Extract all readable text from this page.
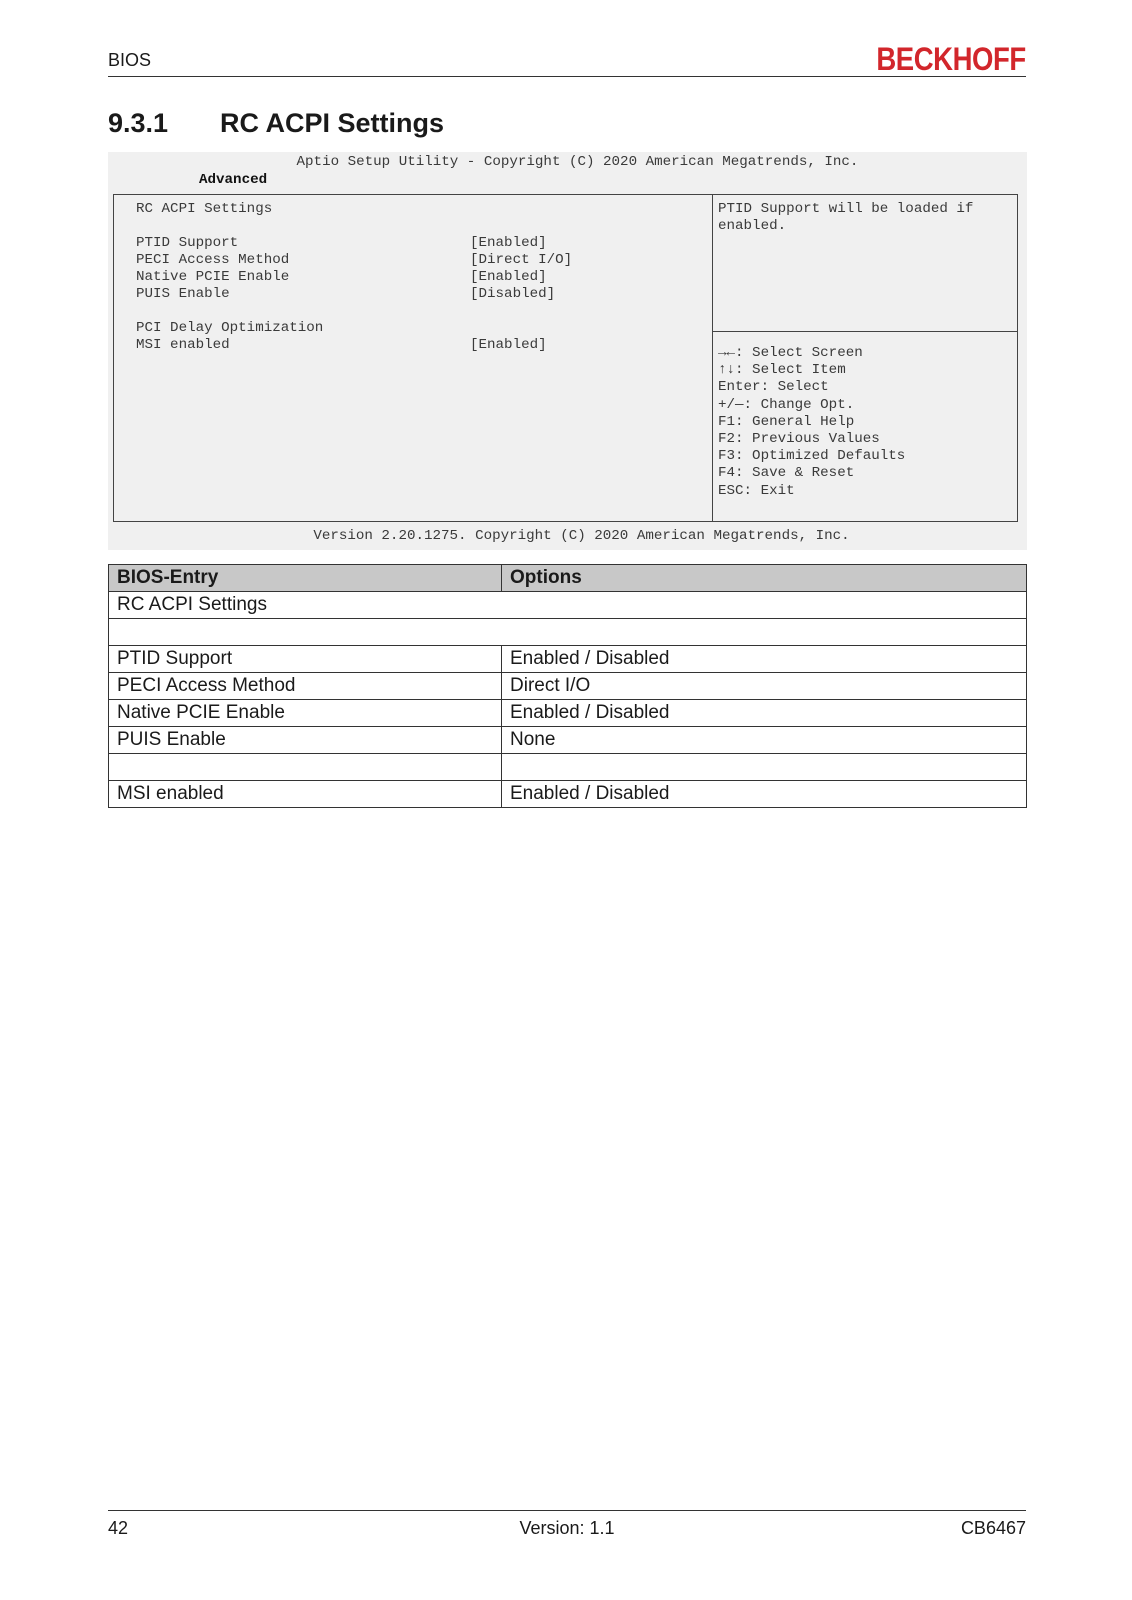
BIOS	BECKHOFF
9.3.1 RC ACPI Settings
Aptio Setup Utility - Copyright (C) 2020 American Megatrends, Inc.
Advanced
RC ACPI Settings
PTID Support	[Enabled]
PECI Access Method	[Direct I/O]
Native PCIE Enable	[Enabled]
PUIS Enable	[Disabled]
PCI Delay Optimization
MSI enabled	[Enabled]
PTID Support will be loaded if enabled.
→←: Select Screen
↑↓: Select Item
Enter: Select
+/—: Change Opt.
F1: General Help
F2: Previous Values
F3: Optimized Defaults
F4: Save & Reset
ESC: Exit
Version 2.20.1275. Copyright (C) 2020 American Megatrends, Inc.
BIOS-Entry	Options
RC ACPI Settings	

PTID Support	Enabled / Disabled
PECI Access Method	Direct I/O
Native PCIE Enable	Enabled / Disabled
PUIS Enable	None

MSI enabled	Enabled / Disabled
42	Version: 1.1	CB6467
